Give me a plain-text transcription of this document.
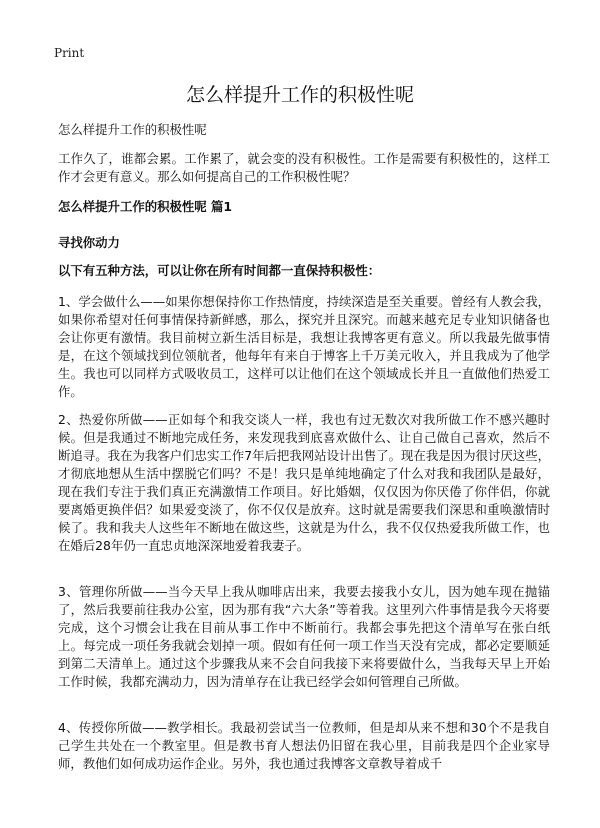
Print
怎么样提升工作的积极性呢

怎么样提升工作的积极性呢

工作久了，谁都会累。工作累了，就会变的没有积极性。工作是需要有积极性的，这样工作才会更有意义。那么如何提高自己的工作积极性呢？

怎么样提升工作的积极性呢 篇1

寻找你动力

以下有五种方法，可以让你在所有时间都一直保持积极性：

1、学会做什么——如果你想保持你工作热情度，持续深造是至关重要。曾经有人教会我，如果你希望对任何事情保持新鲜感，那么，探究并且深究。而越来越充足专业知识储备也会让你更有激情。我目前树立新生活目标是，我想让我博客更有意义。所以我最先做事情是，在这个领域找到位领航者，他每年有来自于博客上千万美元收入，并且我成为了他学生。我也可以同样方式吸收员工，这样可以让他们在这个领域成长并且一直做他们热爱工作。

2、热爱你所做——正如每个和我交谈人一样，我也有过无数次对我所做工作不感兴趣时候。但是我通过不断地完成任务，来发现我到底喜欢做什么、让自己做自己喜欢，然后不断追寻。我在为我客户们忠实工作7年后把我网站设计出售了。现在我是因为很讨厌这些，才彻底地想从生活中摆脱它们吗？不是！我只是单纯地确定了什么对我和我团队是最好，现在我们专注于我们真正充满激情工作项目。好比婚姻，仅仅因为你厌倦了你伴侣，你就要离婚更换伴侣？如果爱变淡了，你不仅仅是放弃。这时就是需要我们深思和重唤激情时候了。我和我夫人这些年不断地在做这些，这就是为什么，我不仅仅热爱我所做工作，也在婚后28年仍一直忠贞地深深地爱着我妻子。

3、管理你所做——当今天早上我从咖啡店出来，我要去接我小女儿，因为她车现在抛锚了，然后我要前往我办公室，因为那有我“六大条”等着我。这里列六件事情是我今天将要完成，这个习惯会让我在目前从事工作中不断前行。我都会事先把这个清单写在张白纸上。每完成一项任务我就会划掉一项。假如有任何一项工作当天没有完成，都必定要顺延到第二天清单上。通过这个步骤我从来不会自问我接下来将要做什么，当我每天早上开始工作时候，我都充满动力，因为清单存在让我已经学会如何管理自己所做。

4、传授你所做——教学相长。我最初尝试当一位教师，但是却从来不想和30个不是我自己学生共处在一个教室里。但是教书育人想法仍旧留在我心里，目前我是四个企业家导师，教他们如何成功运作企业。另外，我也通过我博客文章教导着成千
